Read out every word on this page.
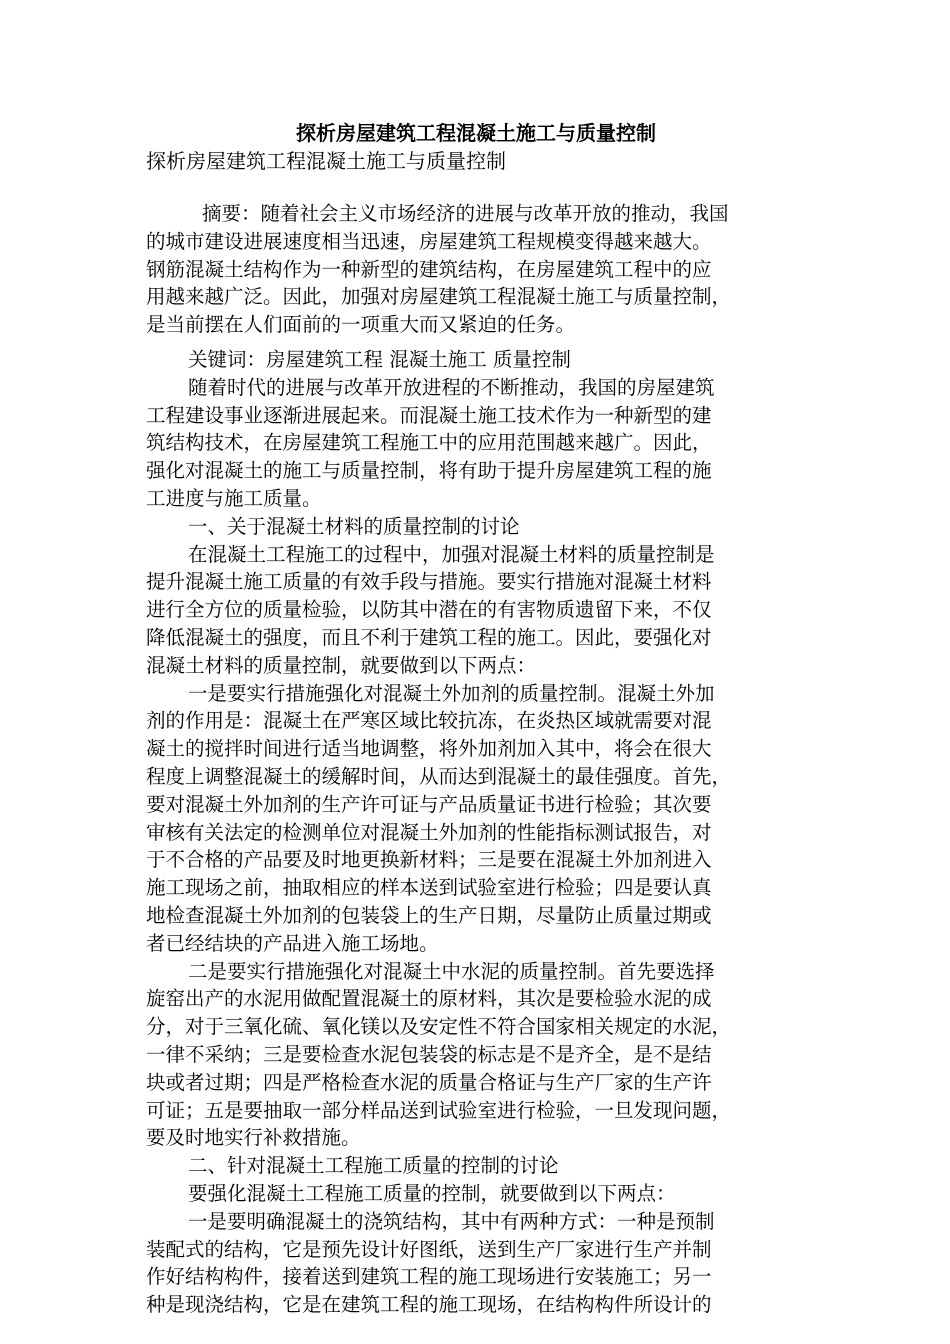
探析房屋建筑工程混凝土施工与质量控制
探析房屋建筑工程混凝土施工与质量控制
摘要：随着社会主义市场经济的进展与改革开放的推动，我国
的城市建设进展速度相当迅速，房屋建筑工程规模变得越来越大。
钢筋混凝土结构作为一种新型的建筑结构，在房屋建筑工程中的应
用越来越广泛。因此，加强对房屋建筑工程混凝土施工与质量控制，
是当前摆在人们面前的一项重大而又紧迫的任务。
关键词：房屋建筑工程 混凝土施工 质量控制
随着时代的进展与改革开放进程的不断推动，我国的房屋建筑
工程建设事业逐渐进展起来。而混凝土施工技术作为一种新型的建
筑结构技术，在房屋建筑工程施工中的应用范围越来越广。因此，
强化对混凝土的施工与质量控制，将有助于提升房屋建筑工程的施
工进度与施工质量。
一、关于混凝土材料的质量控制的讨论
在混凝土工程施工的过程中，加强对混凝土材料的质量控制是
提升混凝土施工质量的有效手段与措施。要实行措施对混凝土材料
进行全方位的质量检验，以防其中潜在的有害物质遗留下来，不仅
降低混凝土的强度，而且不利于建筑工程的施工。因此，要强化对
混凝土材料的质量控制，就要做到以下两点：
一是要实行措施强化对混凝土外加剂的质量控制。混凝土外加
剂的作用是：混凝土在严寒区域比较抗冻，在炎热区域就需要对混
凝土的搅拌时间进行适当地调整，将外加剂加入其中，将会在很大
程度上调整混凝土的缓解时间，从而达到混凝土的最佳强度。首先，
要对混凝土外加剂的生产许可证与产品质量证书进行检验；其次要
审核有关法定的检测单位对混凝土外加剂的性能指标测试报告，对
于不合格的产品要及时地更换新材料；三是要在混凝土外加剂进入
施工现场之前，抽取相应的样本送到试验室进行检验；四是要认真
地检查混凝土外加剂的包装袋上的生产日期，尽量防止质量过期或
者已经结块的产品进入施工场地。
二是要实行措施强化对混凝土中水泥的质量控制。首先要选择
旋窑出产的水泥用做配置混凝土的原材料，其次是要检验水泥的成
分，对于三氧化硫、氧化镁以及安定性不符合国家相关规定的水泥，
一律不采纳；三是要检查水泥包装袋的标志是不是齐全，是不是结
块或者过期；四是严格检查水泥的质量合格证与生产厂家的生产许
可证；五是要抽取一部分样品送到试验室进行检验，一旦发现问题，
要及时地实行补救措施。
二、针对混凝土工程施工质量的控制的讨论
要强化混凝土工程施工质量的控制，就要做到以下两点：
一是要明确混凝土的浇筑结构，其中有两种方式：一种是预制
装配式的结构，它是预先设计好图纸，送到生产厂家进行生产并制
作好结构构件，接着送到建筑工程的施工现场进行安装施工；另一
种是现浇结构，它是在建筑工程的施工现场，在结构构件所设计的
